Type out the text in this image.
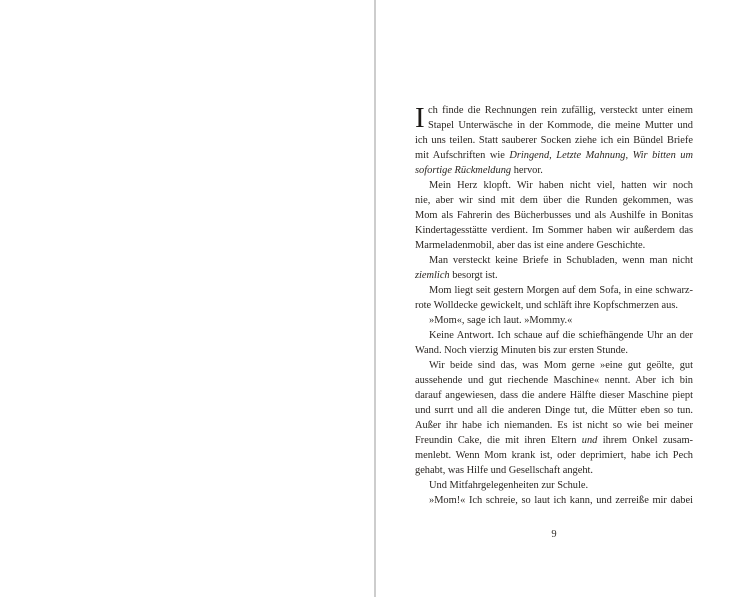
I ch finde die Rechnungen rein zufällig, versteckt unter einem
Stapel Unterwäsche in der Kommode, die meine Mutter und
ich uns teilen. Statt sauberer Socken ziehe ich ein Bündel Briefe
mit Aufschriften wie Dringend, Letzte Mahnung, Wir bitten um
sofortige Rückmeldung hervor.
Mein Herz klopft. Wir haben nicht viel, hatten wir noch
nie, aber wir sind mit dem über die Runden gekommen, was
Mom als Fahrerin des Bücherbusses und als Aushilfe in Bonitas
Kindertagesstätte verdient. Im Sommer haben wir außerdem das
Marmeladenmobil, aber das ist eine andere Geschichte.
Man versteckt keine Briefe in Schubladen, wenn man nicht
ziemlich besorgt ist.
Mom liegt seit gestern Morgen auf dem Sofa, in eine schwarz-
rote Wolldecke gewickelt, und schläft ihre Kopfschmerzen aus.
»Mom«, sage ich laut. »Mommy.«
Keine Antwort. Ich schaue auf die schiefhängende Uhr an der
Wand. Noch vierzig Minuten bis zur ersten Stunde.
Wir beide sind das, was Mom gerne »eine gut geölte, gut
aussehende und gut riechende Maschine« nennt. Aber ich bin
darauf angewiesen, dass die andere Hälfte dieser Maschine piept
und surrt und all die anderen Dinge tut, die Mütter eben so tun.
Außer ihr habe ich niemanden. Es ist nicht so wie bei meiner
Freundin Cake, die mit ihren Eltern und ihrem Onkel zusam-
menlebt. Wenn Mom krank ist, oder deprimiert, habe ich Pech
gehabt, was Hilfe und Gesellschaft angeht.
Und Mitfahrgelegenheiten zur Schule.
»Mom!« Ich schreie, so laut ich kann, und zerreiße mir dabei
9
